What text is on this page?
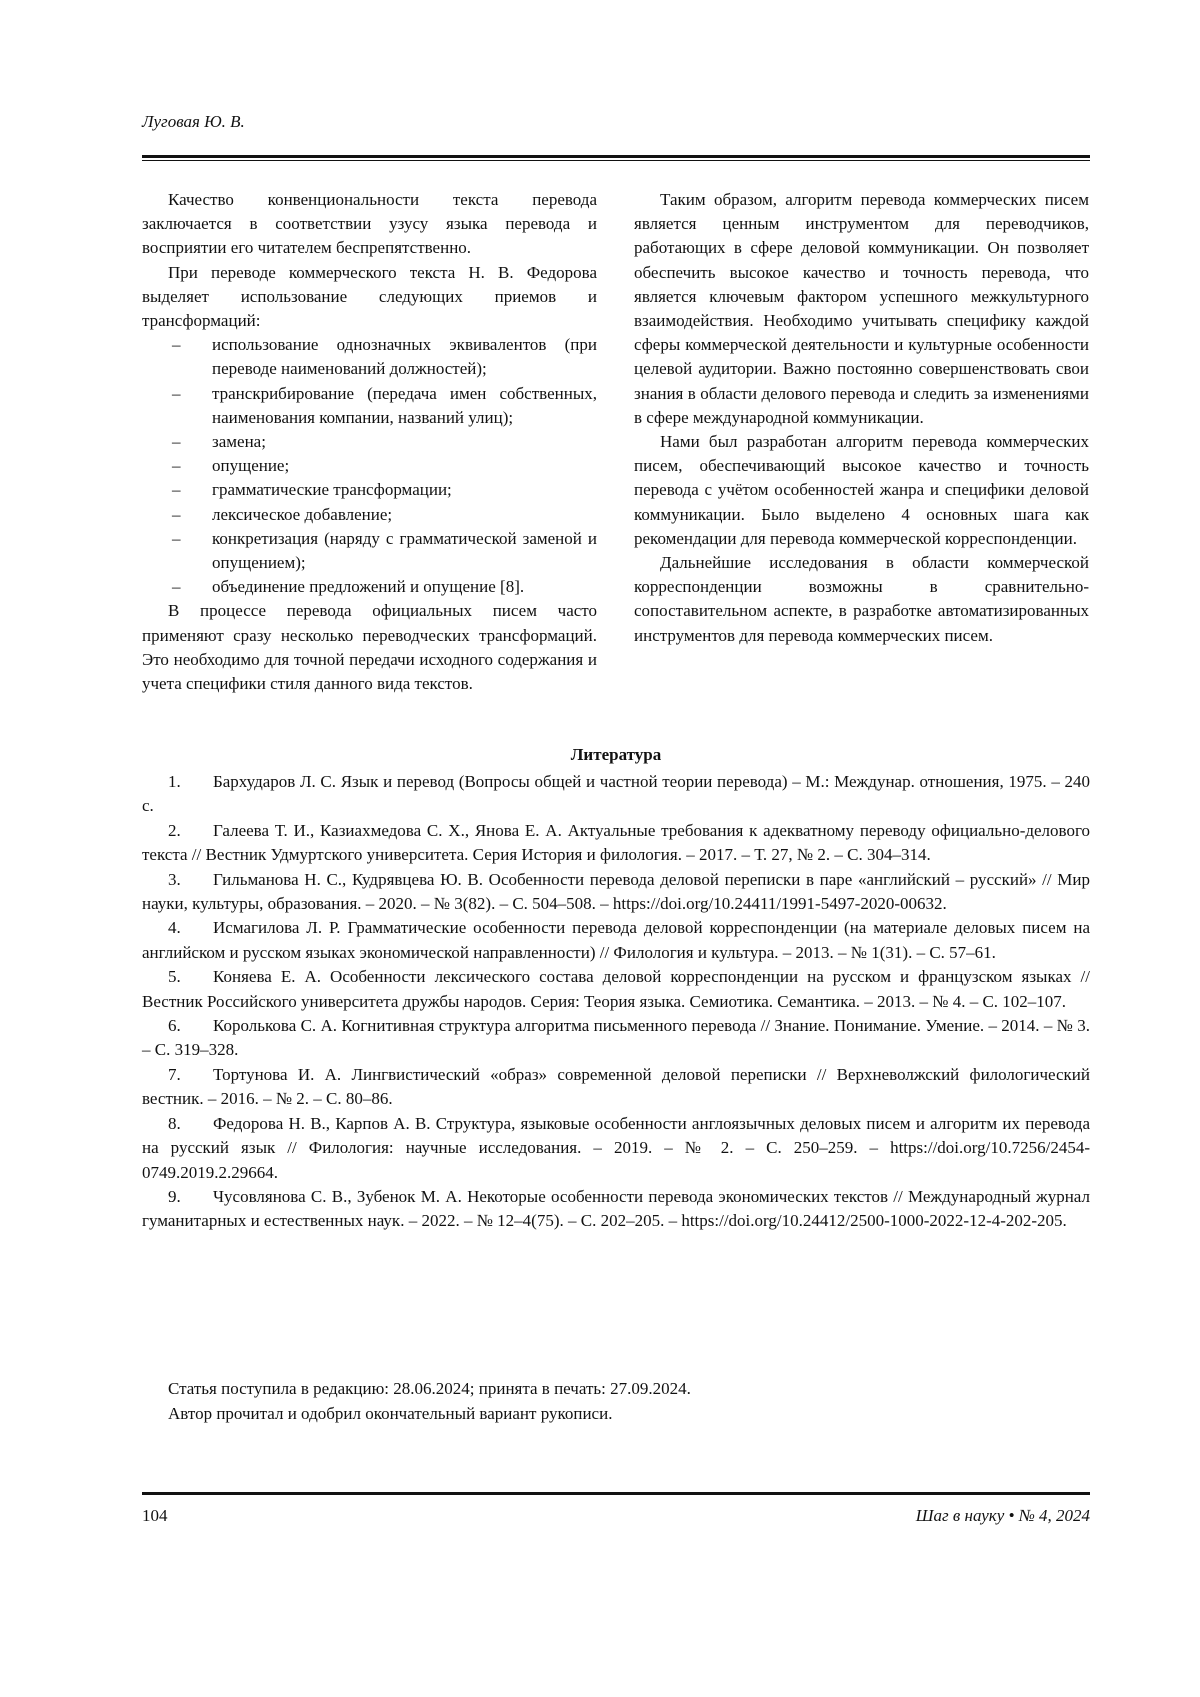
Луговая Ю. В.

Качество конвенциональности текста перевода заключается в соответствии узусу языка перевода и восприятии его читателем беспрепятственно.

При переводе коммерческого текста Н. В. Федорова выделяет использование следующих приемов и трансформаций:

–	использование однозначных эквивалентов (при переводе наименований должностей);
–	транскрибирование (передача имен собственных, наименования компании, названий улиц);
–	замена;
–	опущение;
–	грамматические трансформации;
–	лексическое добавление;
–	конкретизация (наряду с грамматической заменой и опущением);
–	объединение предложений и опущение [8].

В процессе перевода официальных писем часто применяют сразу несколько переводческих трансформаций. Это необходимо для точной передачи исходного содержания и учета специфики стиля данного вида текстов.

Таким образом, алгоритм перевода коммерческих писем является ценным инструментом для переводчиков, работающих в сфере деловой коммуникации. Он позволяет обеспечить высокое качество и точность перевода, что является ключевым фактором успешного межкультурного взаимодействия. Необходимо учитывать специфику каждой сферы коммерческой деятельности и культурные особенности целевой аудитории. Важно постоянно совершенствовать свои знания в области делового перевода и следить за изменениями в сфере международной коммуникации.

Нами был разработан алгоритм перевода коммерческих писем, обеспечивающий высокое качество и точность перевода с учётом особенностей жанра и специфики деловой коммуникации. Было выделено 4 основных шага как рекомендации для перевода коммерческой корреспонденции.

Дальнейшие исследования в области коммерческой корреспонденции возможны в сравнительно-сопоставительном аспекте, в разработке автоматизированных инструментов для перевода коммерческих писем.

Литература

1. Бархударов Л. С. Язык и перевод (Вопросы общей и частной теории перевода) – М.: Междунар. отношения, 1975. – 240 с.

2. Галеева Т. И., Казиахмедова С. Х., Янова Е. А. Актуальные требования к адекватному переводу официально-делового текста // Вестник Удмуртского университета. Серия История и филология. – 2017. – Т. 27, № 2. – С. 304–314.

3. Гильманова Н. С., Кудрявцева Ю. В. Особенности перевода деловой переписки в паре «английский – русский» // Мир науки, культуры, образования. – 2020. – № 3(82). – С. 504–508. – https://doi.org/10.24411/1991-5497-2020-00632.

4. Исмагилова Л. Р. Грамматические особенности перевода деловой корреспонденции (на материале деловых писем на английском и русском языках экономической направленности) // Филология и культура. – 2013. – № 1(31). – С. 57–61.

5. Коняева Е. А. Особенности лексического состава деловой корреспонденции на русском и французском языках // Вестник Российского университета дружбы народов. Серия: Теория языка. Семиотика. Семантика. – 2013. – № 4. – С. 102–107.

6. Королькова С. А. Когнитивная структура алгоритма письменного перевода // Знание. Понимание. Умение. – 2014. – № 3. – С. 319–328.

7. Тортунова И. А. Лингвистический «образ» современной деловой переписки // Верхневолжский филологический вестник. – 2016. – № 2. – С. 80–86.

8. Федорова Н. В., Карпов А. В. Структура, языковые особенности англоязычных деловых писем и алгоритм их перевода на русский язык // Филология: научные исследования. – 2019. – № 2. – С. 250–259. – https://doi.org/10.7256/2454-0749.2019.2.29664.

9. Чусовлянова С. В., Зубенок М. А. Некоторые особенности перевода экономических текстов // Международный журнал гуманитарных и естественных наук. – 2022. – № 12–4(75). – С. 202–205. – https://doi.org/10.24412/2500-1000-2022-12-4-202-205.

Статья поступила в редакцию: 28.06.2024; принята в печать: 27.09.2024.
Автор прочитал и одобрил окончательный вариант рукописи.
104	Шаг в науку • № 4, 2024
